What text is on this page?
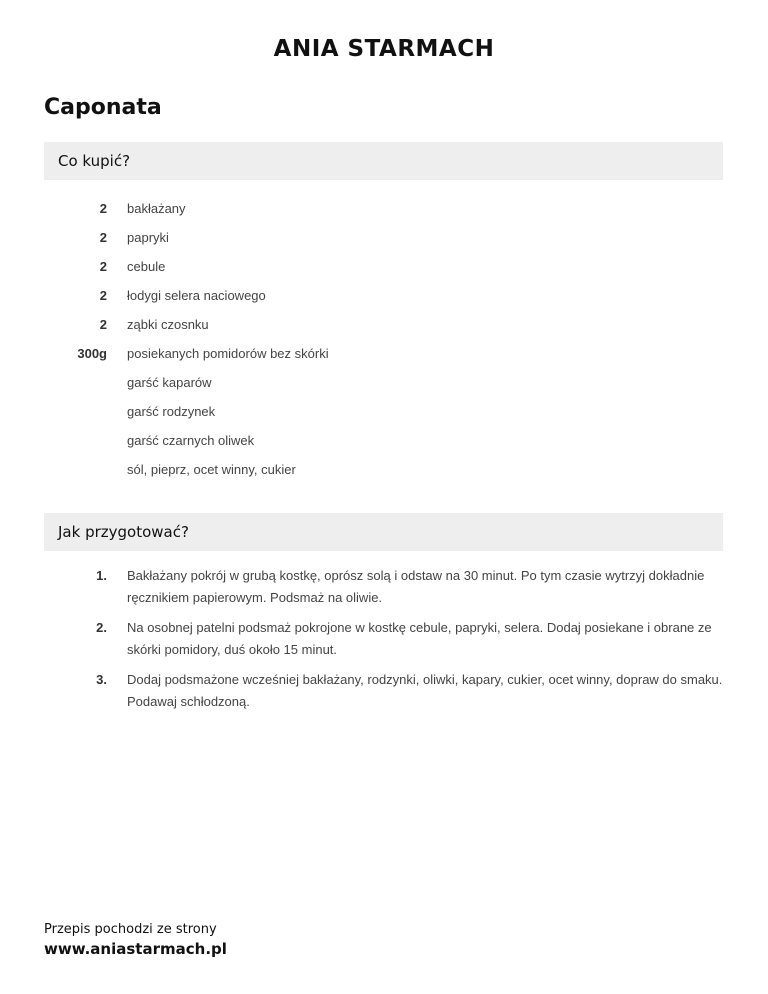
ANIA STARMACH
Caponata
Co kupić?
2 bakłażany
2 papryki
2 cebule
2 łodygi selera naciowego
2 ząbki czosnku
300g posiekanych pomidorów bez skórki
garść kaparów
garść rodzynek
garść czarnych oliwek
sól, pieprz, ocet winny, cukier
Jak przygotować?
1. Bakłażany pokrój w grubą kostkę, oprósz solą i odstaw na 30 minut. Po tym czasie wytrzyj dokładnie ręcznikiem papierowym. Podsmaż na oliwie.
2. Na osobnej patelni podsmaż pokrojone w kostkę cebule, papryki, selera. Dodaj posiekane i obrane ze skórki pomidory, duś około 15 minut.
3. Dodaj podsmażone wcześniej bakłażany, rodzynki, oliwki, kapary, cukier, ocet winny, dopraw do smaku. Podawaj schłodzoną.
Przepis pochodzi ze strony
www.aniastarmach.pl
